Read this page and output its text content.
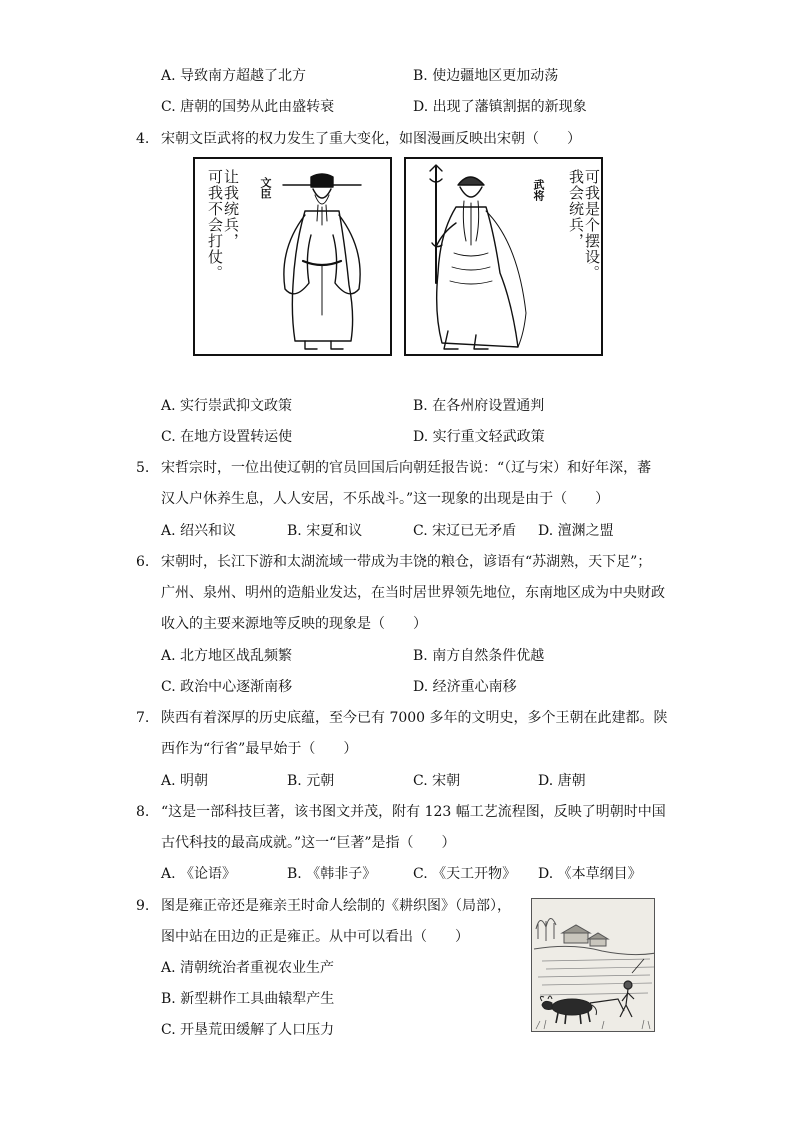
A. 导致南方超越了北方	B. 使边疆地区更加动荡
C. 唐朝的国势从此由盛转衰	D. 出现了藩镇割据的新现象
4. 宋朝文臣武将的权力发生了重大变化，如图漫画反映出宋朝（　　）
让我统兵，
可我不会打仗。	文臣	我会统兵，
可我是个摆设。
武将
A. 实行崇武抑文政策	B. 在各州府设置通判
C. 在地方设置转运使	D. 实行重文轻武政策
5. 宋哲宗时，一位出使辽朝的官员回国后向朝廷报告说：“（辽与宋）和好年深，蕃
汉人户休养生息，人人安居，不乐战斗。”这一现象的出现是由于（　　）
A. 绍兴和议	B. 宋夏和议	C. 宋辽已无矛盾 D. 澶渊之盟
6. 宋朝时，长江下游和太湖流域一带成为丰饶的粮仓，谚语有“苏湖熟，天下足”；
广州、泉州、明州的造船业发达，在当时居世界领先地位，东南地区成为中央财政
收入的主要来源地等反映的现象是（　　）
A. 北方地区战乱频繁	B. 南方自然条件优越
C. 政治中心逐渐南移	D. 经济重心南移
7. 陕西有着深厚的历史底蕴，至今已有 7000 多年的文明史，多个王朝在此建都。陕
西作为“行省”最早始于（　　）
A. 明朝	B. 元朝	C. 宋朝	D. 唐朝
8. “这是一部科技巨著，该书图文并茂，附有 123 幅工艺流程图，反映了明朝时中国
古代科技的最高成就。”这一“巨著”是指（　　）
A. 《论语》	B. 《韩非子》	C. 《天工开物》 D. 《本草纲目》
9. 图是雍正帝还是雍亲王时命人绘制的《耕织图》（局部），
图中站在田边的正是雍正。从中可以看出（　　）
A. 清朝统治者重视农业生产
B. 新型耕作工具曲辕犁产生
C. 开垦荒田缓解了人口压力
